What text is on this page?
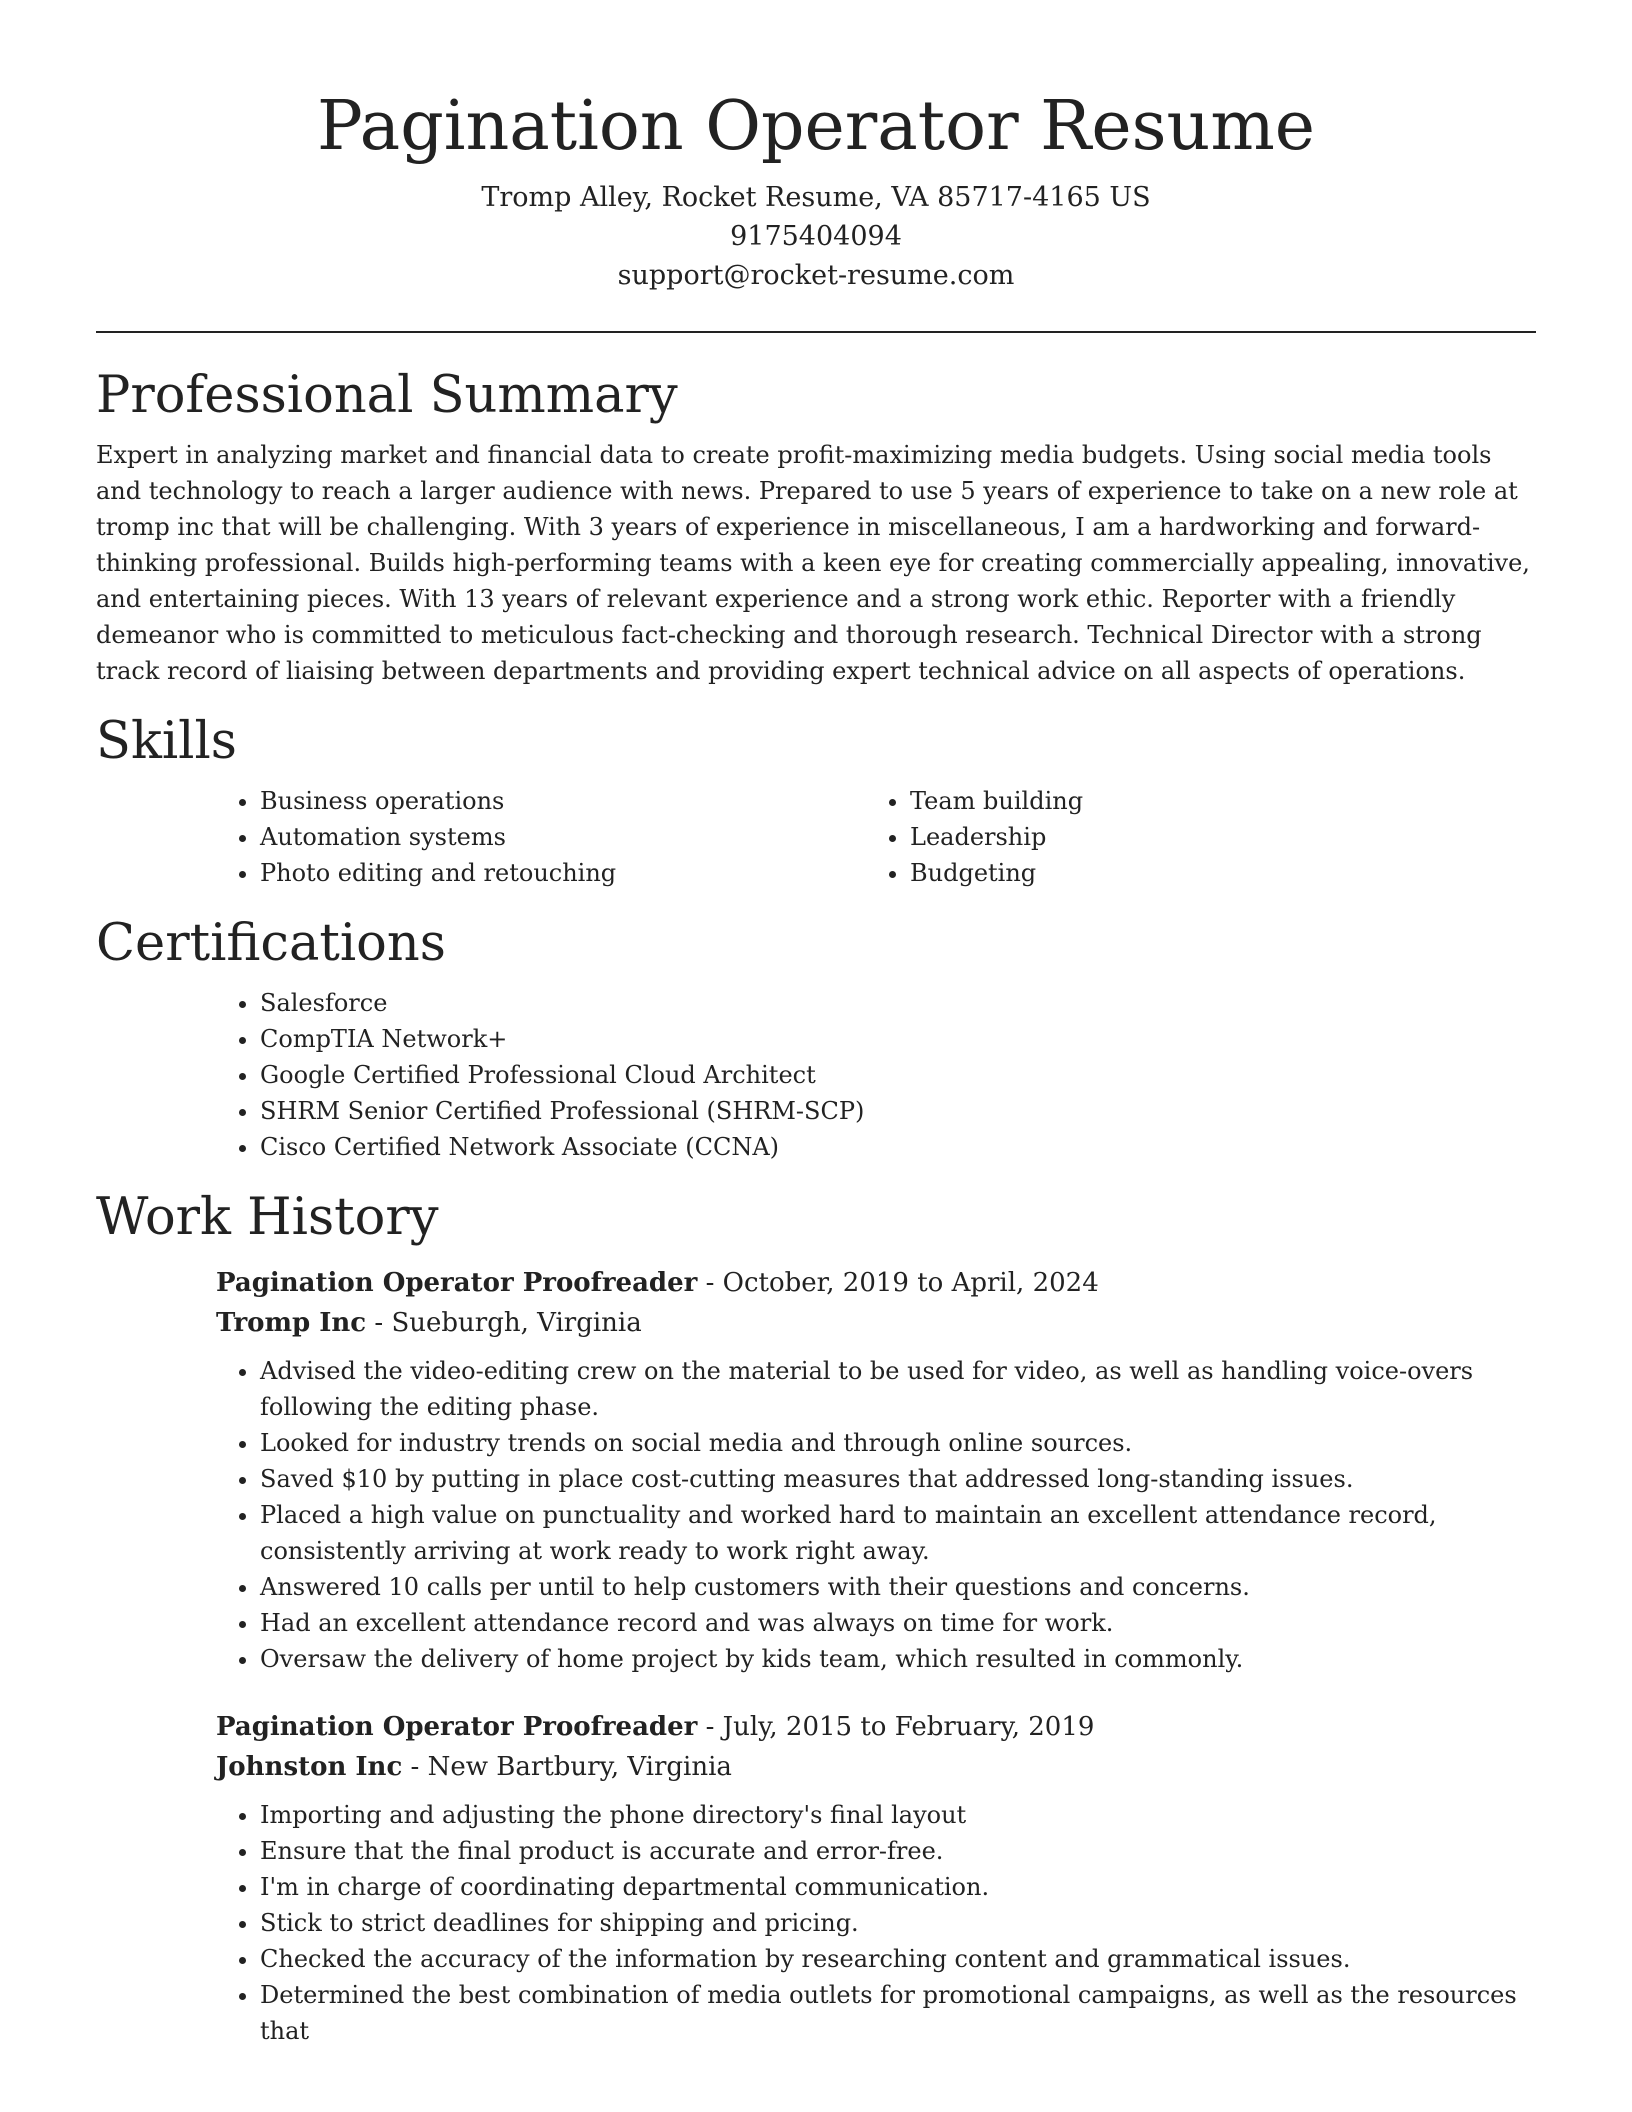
Pagination Operator Resume

Tromp Alley, Rocket Resume, VA 85717-4165 US

9175404094

support@rocket-resume.com

Professional Summary

Expert in analyzing market and financial data to create profit-maximizing media budgets. Using social media tools and technology to reach a larger audience with news. Prepared to use 5 years of experience to take on a new role at tromp inc that will be challenging. With 3 years of experience in miscellaneous, I am a hardworking and forward-thinking professional. Builds high-performing teams with a keen eye for creating commercially appealing, innovative, and entertaining pieces. With 13 years of relevant experience and a strong work ethic. Reporter with a friendly demeanor who is committed to meticulous fact-checking and thorough research. Technical Director with a strong track record of liaising between departments and providing expert technical advice on all aspects of operations.

Skills
• Business operations
• Automation systems
• Photo editing and retouching
• Team building
• Leadership
• Budgeting
Certifications
• Salesforce
• CompTIA Network+
• Google Certified Professional Cloud Architect
• SHRM Senior Certified Professional (SHRM-SCP)
• Cisco Certified Network Associate (CCNA)
Work History

Pagination Operator Proofreader - October, 2019 to April, 2024

Tromp Inc - Sueburgh, Virginia

• Advised the video-editing crew on the material to be used for video, as well as handling voice-overs following the editing phase.
• Looked for industry trends on social media and through online sources.
• Saved $10 by putting in place cost-cutting measures that addressed long-standing issues.
• Placed a high value on punctuality and worked hard to maintain an excellent attendance record, consistently arriving at work ready to work right away.
• Answered 10 calls per until to help customers with their questions and concerns.
• Had an excellent attendance record and was always on time for work.
• Oversaw the delivery of home project by kids team, which resulted in commonly.

Pagination Operator Proofreader - July, 2015 to February, 2019

Johnston Inc - New Bartbury, Virginia

• Importing and adjusting the phone directory's final layout
• Ensure that the final product is accurate and error-free.
• I'm in charge of coordinating departmental communication.
• Stick to strict deadlines for shipping and pricing.
• Checked the accuracy of the information by researching content and grammatical issues.
• Determined the best combination of media outlets for promotional campaigns, as well as the resources that
